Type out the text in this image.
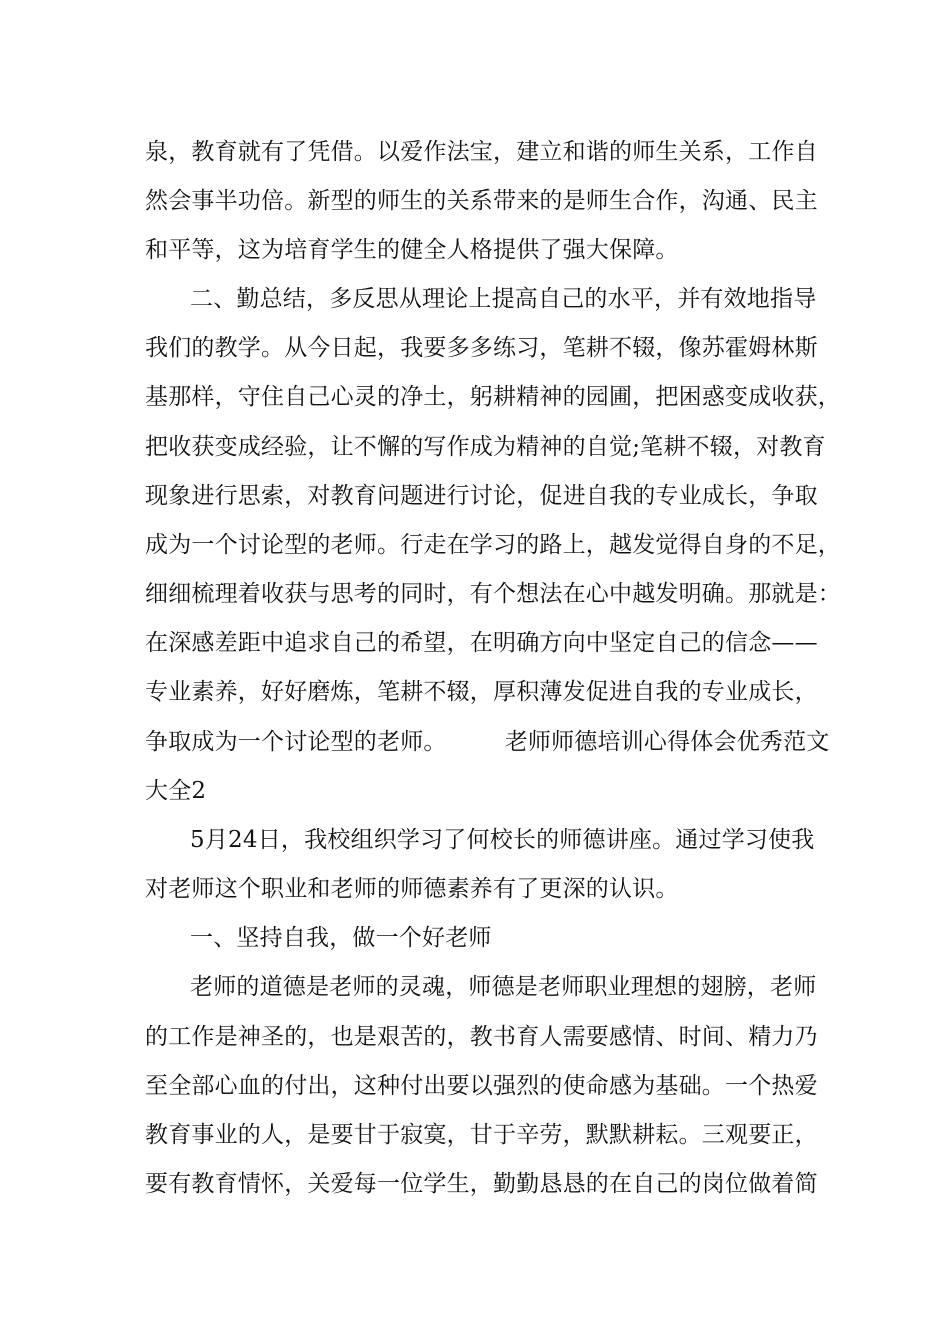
泉，教育就有了凭借。以爱作法宝，建立和谐的师生关系，工作自
然会事半功倍。新型的师生的关系带来的是师生合作，沟通、民主
和平等，这为培育学生的健全人格提供了强大保障。
二、勤总结，多反思从理论上提高自己的水平，并有效地指导
我们的教学。从今日起，我要多多练习，笔耕不辍，像苏霍姆林斯
基那样，守住自己心灵的净土，躬耕精神的园圃，把困惑变成收获，
把收获变成经验，让不懈的写作成为精神的自觉;笔耕不辍，对教育
现象进行思索，对教育问题进行讨论，促进自我的专业成长，争取
成为一个讨论型的老师。行走在学习的路上，越发觉得自身的不足，
细细梳理着收获与思考的同时，有个想法在心中越发明确。那就是：
在深感差距中追求自己的希望，在明确方向中坚定自己的信念——
专业素养，好好磨炼，笔耕不辍，厚积薄发促进自我的专业成长，
争取成为一个讨论型的老师。　　　老师师德培训心得体会优秀范文
大全2
5月24日，我校组织学习了何校长的师德讲座。通过学习使我
对老师这个职业和老师的师德素养有了更深的认识。
一、坚持自我，做一个好老师
老师的道德是老师的灵魂，师德是老师职业理想的翅膀，老师
的工作是神圣的，也是艰苦的，教书育人需要感情、时间、精力乃
至全部心血的付出，这种付出要以强烈的使命感为基础。一个热爱
教育事业的人，是要甘于寂寞，甘于辛劳，默默耕耘。三观要正，
要有教育情怀，关爱每一位学生，勤勤恳恳的在自己的岗位做着简
